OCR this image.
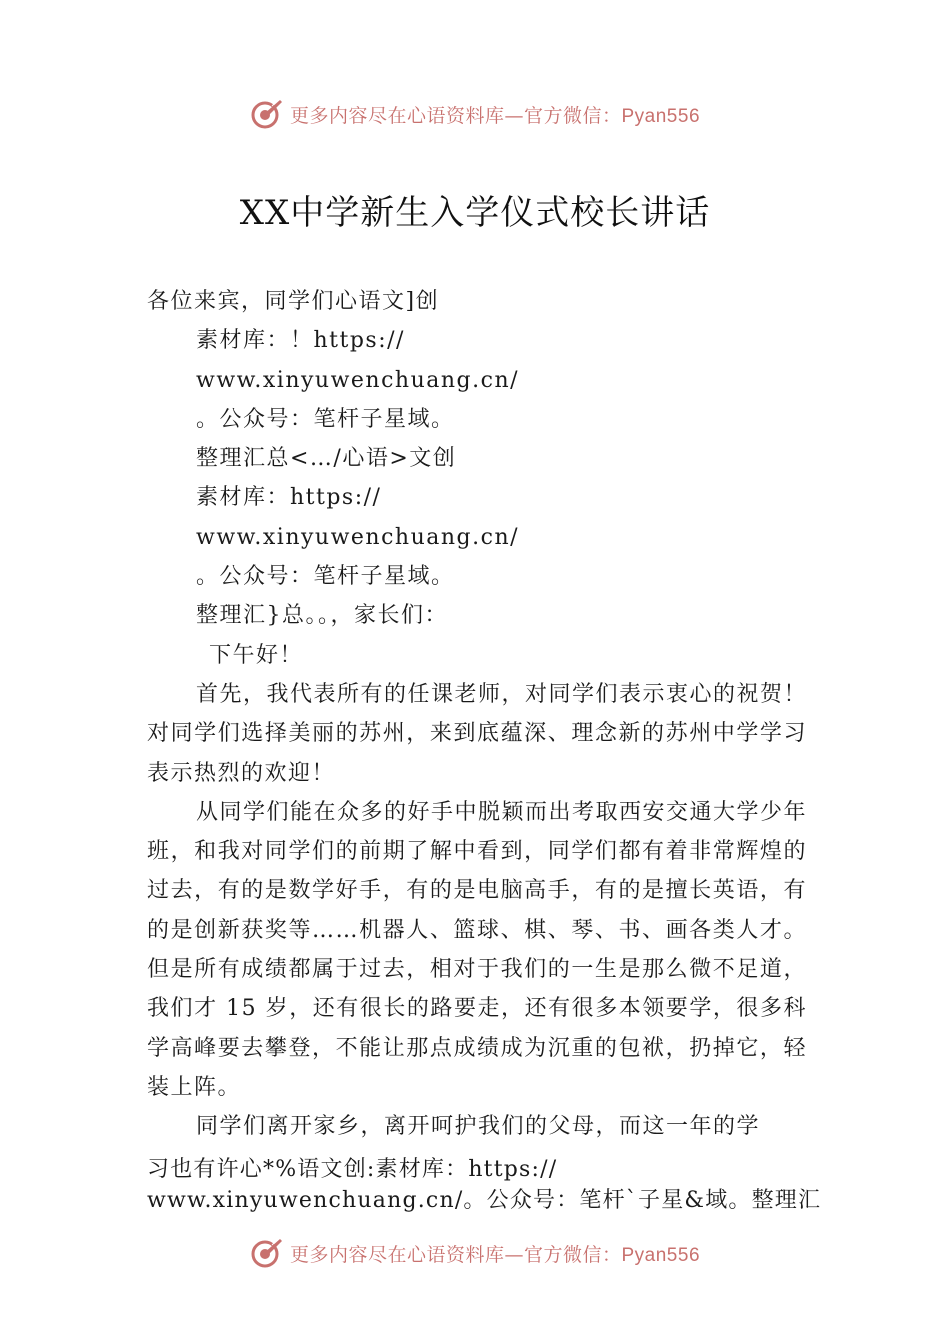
更多内容尽在心语资料库—官方微信：Pyan556
XX中学新生入学仪式校长讲话
各位来宾，同学们心语文]创
素材库：！https://
www.xinyuwenchuang.cn/
。公众号：笔杆子星域。
整理汇总<…/心语>文创
素材库：https://
www.xinyuwenchuang.cn/
。公众号：笔杆子星域。
整理汇}总。。，家长们：
下午好！
首先，我代表所有的任课老师，对同学们表示衷心的祝贺！对同学们选择美丽的苏州，来到底蕴深、理念新的苏州中学学习表示热烈的欢迎！
从同学们能在众多的好手中脱颖而出考取西安交通大学少年班，和我对同学们的前期了解中看到，同学们都有着非常辉煌的过去，有的是数学好手，有的是电脑高手，有的是擅长英语，有的是创新获奖等……机器人、篮球、棋、琴、书、画各类人才。但是所有成绩都属于过去，相对于我们的一生是那么微不足道，我们才 15 岁，还有很长的路要走，还有很多本领要学，很多科学高峰要去攀登，不能让那点成绩成为沉重的包袱，扔掉它，轻装上阵。
同学们离开家乡，离开呵护我们的父母，而这一年的学
习也有许心*%语文创:素材库：https://
www.xinyuwenchuang.cn/。公众号：笔杆`子星&域。整理汇
更多内容尽在心语资料库—官方微信：Pyan556
